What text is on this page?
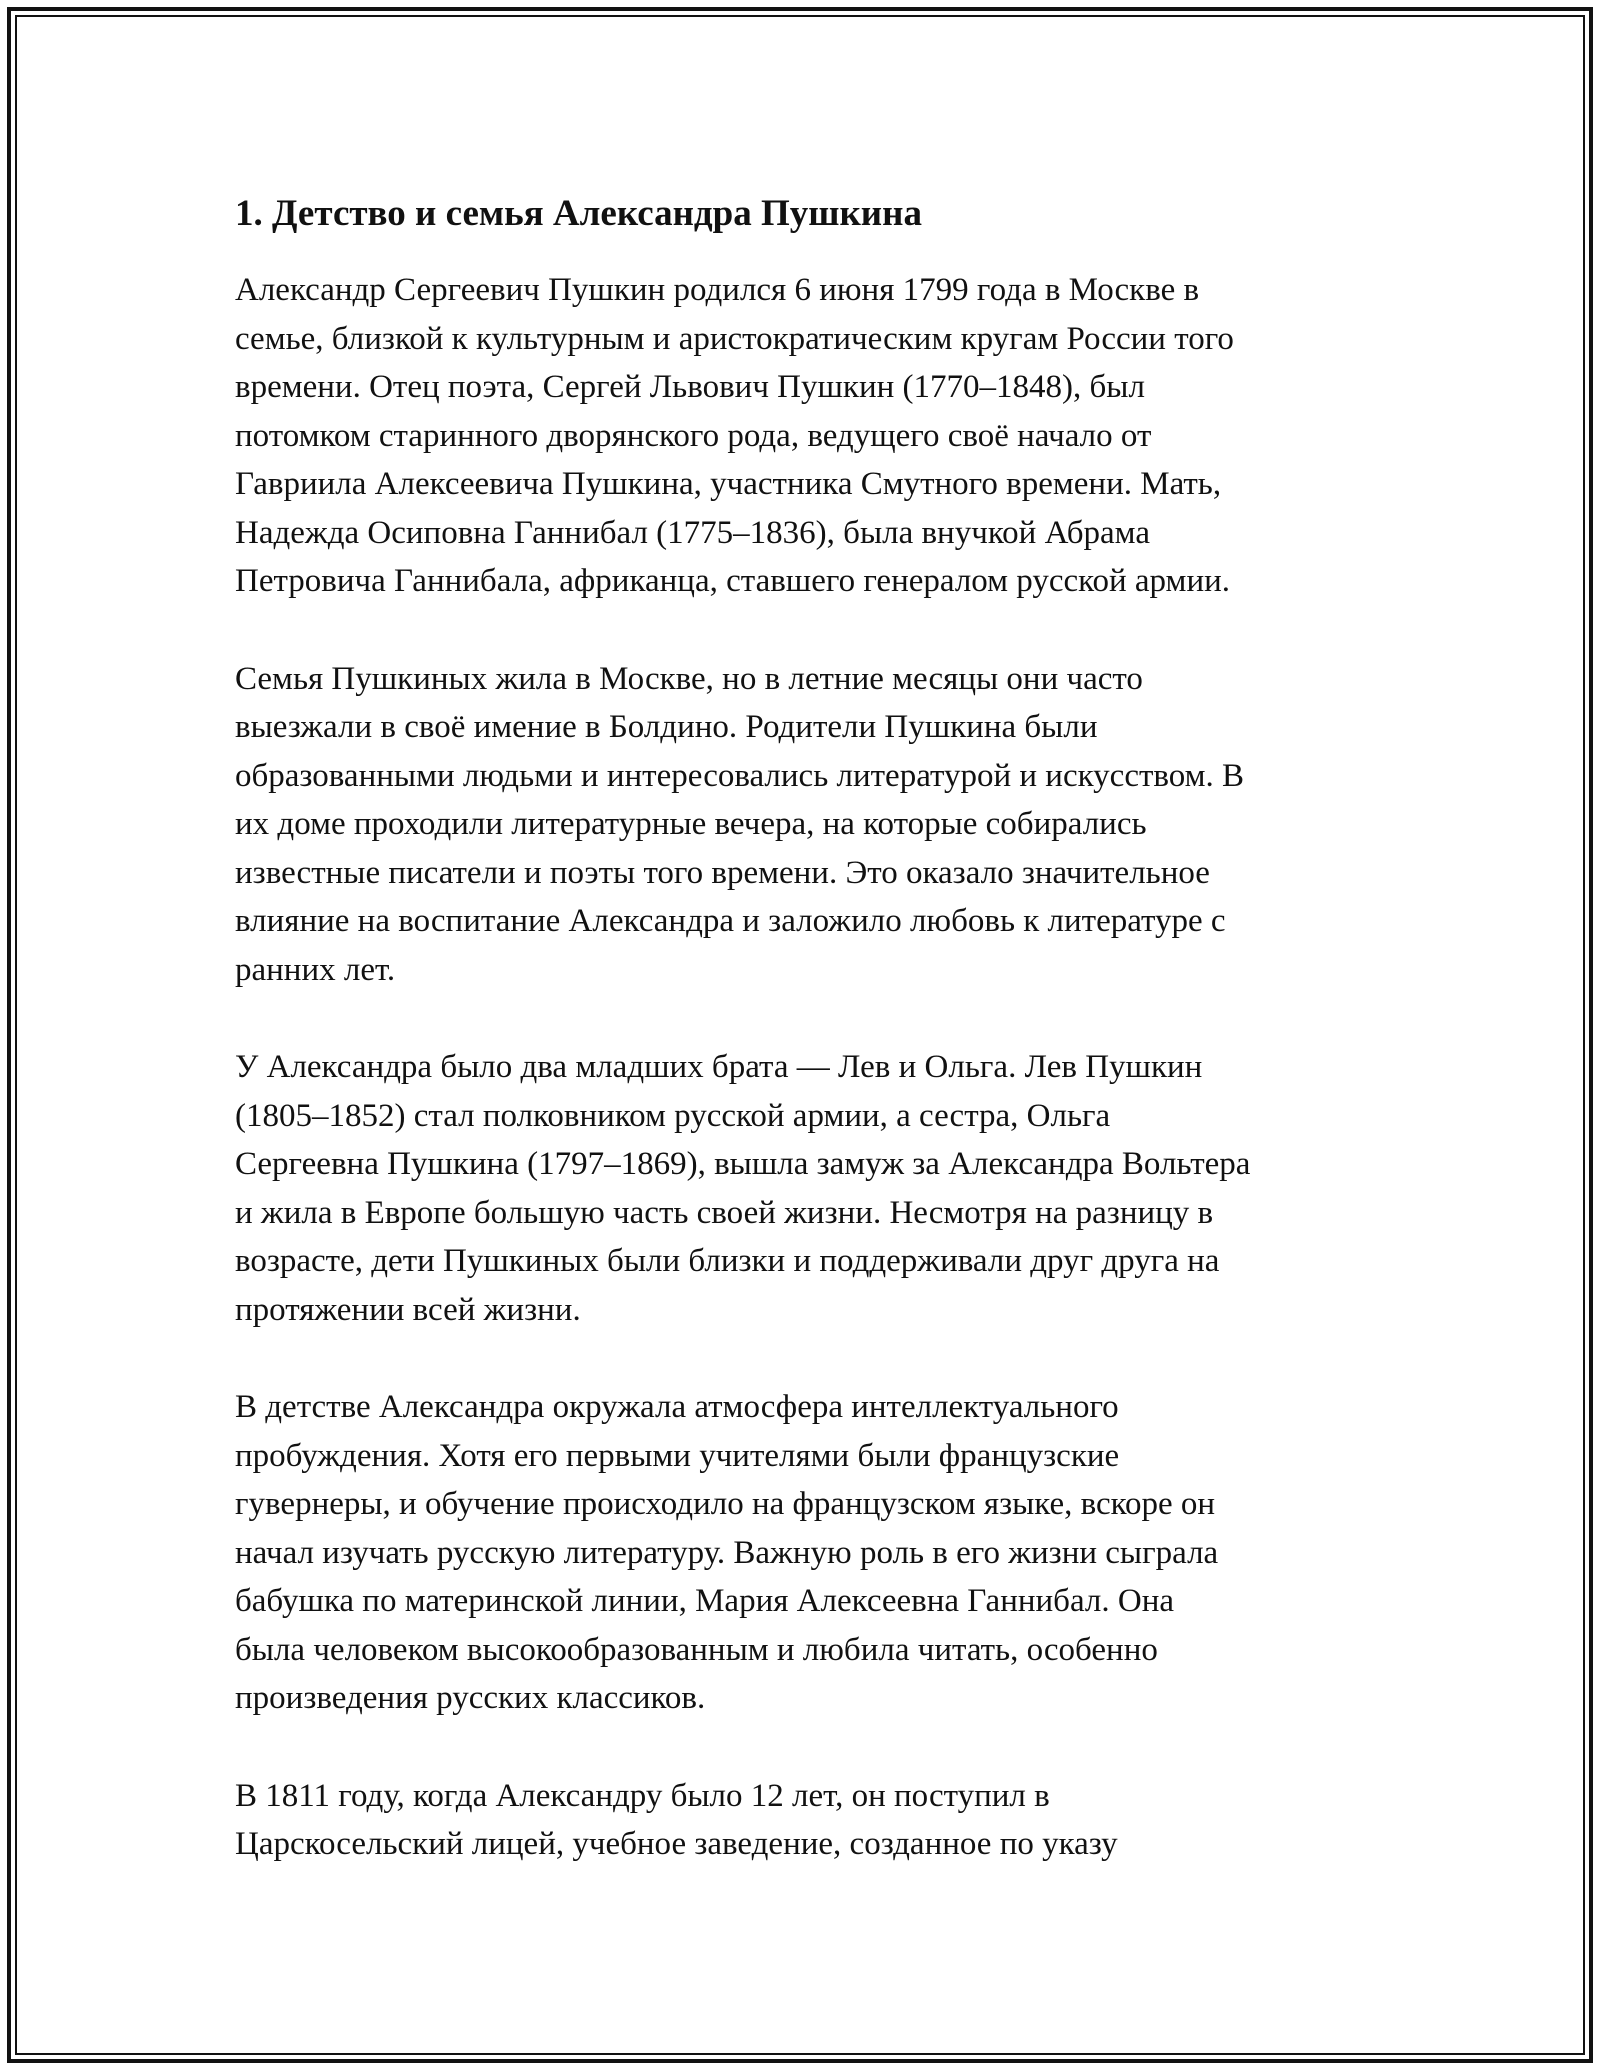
1. Детство и семья Александра Пушкина

Александр Сергеевич Пушкин родился 6 июня 1799 года в Москве в
семье, близкой к культурным и аристократическим кругам России того
времени. Отец поэта, Сергей Львович Пушкин (1770–1848), был
потомком старинного дворянского рода, ведущего своё начало от
Гавриила Алексеевича Пушкина, участника Смутного времени. Мать,
Надежда Осиповна Ганнибал (1775–1836), была внучкой Абрама
Петровича Ганнибала, африканца, ставшего генералом русской армии.

Семья Пушкиных жила в Москве, но в летние месяцы они часто
выезжали в своё имение в Болдино. Родители Пушкина были
образованными людьми и интересовались литературой и искусством. В
их доме проходили литературные вечера, на которые собирались
известные писатели и поэты того времени. Это оказало значительное
влияние на воспитание Александра и заложило любовь к литературе с
ранних лет.

У Александра было два младших брата — Лев и Ольга. Лев Пушкин
(1805–1852) стал полковником русской армии, а сестра, Ольга
Сергеевна Пушкина (1797–1869), вышла замуж за Александра Вольтера
и жила в Европе большую часть своей жизни. Несмотря на разницу в
возрасте, дети Пушкиных были близки и поддерживали друг друга на
протяжении всей жизни.

В детстве Александра окружала атмосфера интеллектуального
пробуждения. Хотя его первыми учителями были французские
гувернеры, и обучение происходило на французском языке, вскоре он
начал изучать русскую литературу. Важную роль в его жизни сыграла
бабушка по материнской линии, Мария Алексеевна Ганнибал. Она
была человеком высокообразованным и любила читать, особенно
произведения русских классиков.

В 1811 году, когда Александру было 12 лет, он поступил в
Царскосельский лицей, учебное заведение, созданное по указу
